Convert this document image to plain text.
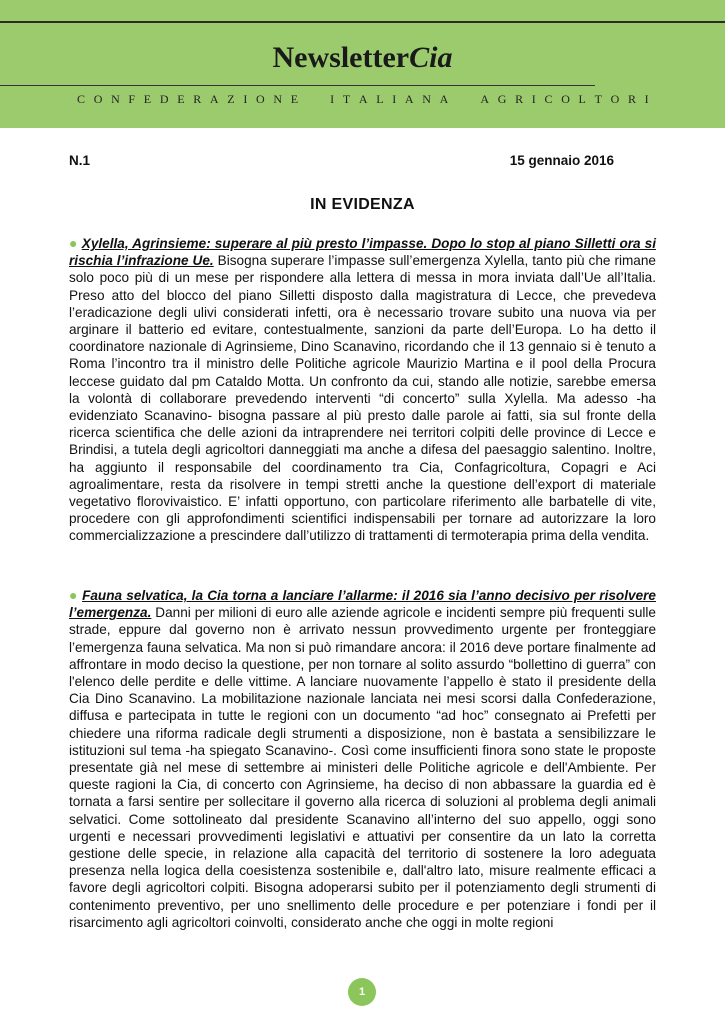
NewsletterCia
C O N F E D E R A Z I O N E

	I T A L I A N A

	A G R I C O L T O R I
N.1	15 gennaio 2016
IN EVIDENZA
● Xylella, Agrinsieme: superare al più presto l’impasse. Dopo lo stop al piano Silletti ora si rischia l’infrazione Ue. Bisogna superare l’impasse sull’emergenza Xylella, tanto più che rimane solo poco più di un mese per rispondere alla lettera di messa in mora inviata dall’Ue all’Italia. Preso atto del blocco del piano Silletti disposto dalla magistratura di Lecce, che prevedeva l’eradicazione degli ulivi considerati infetti, ora è necessario trovare subito una nuova via per arginare il batterio ed evitare, contestualmente, sanzioni da parte dell’Europa. Lo ha detto il coordinatore nazionale di Agrinsieme, Dino Scanavino, ricordando che il 13 gennaio si è tenuto a Roma l’incontro tra il ministro delle Politiche agricole Maurizio Martina e il pool della Procura leccese guidato dal pm Cataldo Motta. Un confronto da cui, stando alle notizie, sarebbe emersa la volontà di collaborare prevedendo interventi “di concerto” sulla Xylella. Ma adesso -ha evidenziato Scanavino- bisogna passare al più presto dalle parole ai fatti, sia sul fronte della ricerca scientifica che delle azioni da intraprendere nei territori colpiti delle province di Lecce e Brindisi, a tutela degli agricoltori danneggiati ma anche a difesa del paesaggio salentino. Inoltre, ha aggiunto il responsabile del coordinamento tra Cia, Confagricoltura, Copagri e Aci agroalimentare, resta da risolvere in tempi stretti anche la questione dell’export di materiale vegetativo florovivaistico. E’ infatti opportuno, con particolare riferimento alle barbatelle di vite, procedere con gli approfondimenti scientifici indispensabili per tornare ad autorizzare la loro commercializzazione a prescindere dall’utilizzo di trattamenti di termoterapia prima della vendita.
● Fauna selvatica, la Cia torna a lanciare l’allarme: il 2016 sia l’anno decisivo per risolvere l’emergenza. Danni per milioni di euro alle aziende agricole e incidenti sempre più frequenti sulle strade, eppure dal governo non è arrivato nessun provvedimento urgente per fronteggiare l’emergenza fauna selvatica. Ma non si può rimandare ancora: il 2016 deve portare finalmente ad affrontare in modo deciso la questione, per non tornare al solito assurdo “bollettino di guerra” con l'elenco delle perdite e delle vittime. A lanciare nuovamente l’appello è stato il presidente della Cia Dino Scanavino. La mobilitazione nazionale lanciata nei mesi scorsi dalla Confederazione, diffusa e partecipata in tutte le regioni con un documento “ad hoc” consegnato ai Prefetti per chiedere una riforma radicale degli strumenti a disposizione, non è bastata a sensibilizzare le istituzioni sul tema -ha spiegato Scanavino-. Così come insufficienti finora sono state le proposte presentate già nel mese di settembre ai ministeri delle Politiche agricole e dell'Ambiente. Per queste ragioni la Cia, di concerto con Agrinsieme, ha deciso di non abbassare la guardia ed è tornata a farsi sentire per sollecitare il governo alla ricerca di soluzioni al problema degli animali selvatici. Come sottolineato dal presidente Scanavino all’interno del suo appello, oggi sono urgenti e necessari provvedimenti legislativi e attuativi per consentire da un lato la corretta gestione delle specie, in relazione alla capacità del territorio di sostenere la loro adeguata presenza nella logica della coesistenza sostenibile e, dall'altro lato, misure realmente efficaci a favore degli agricoltori colpiti. Bisogna adoperarsi subito per il potenziamento degli strumenti di contenimento preventivo, per uno snellimento delle procedure e per potenziare i fondi per il risarcimento agli agricoltori coinvolti, considerato anche che oggi in molte regioni
1
